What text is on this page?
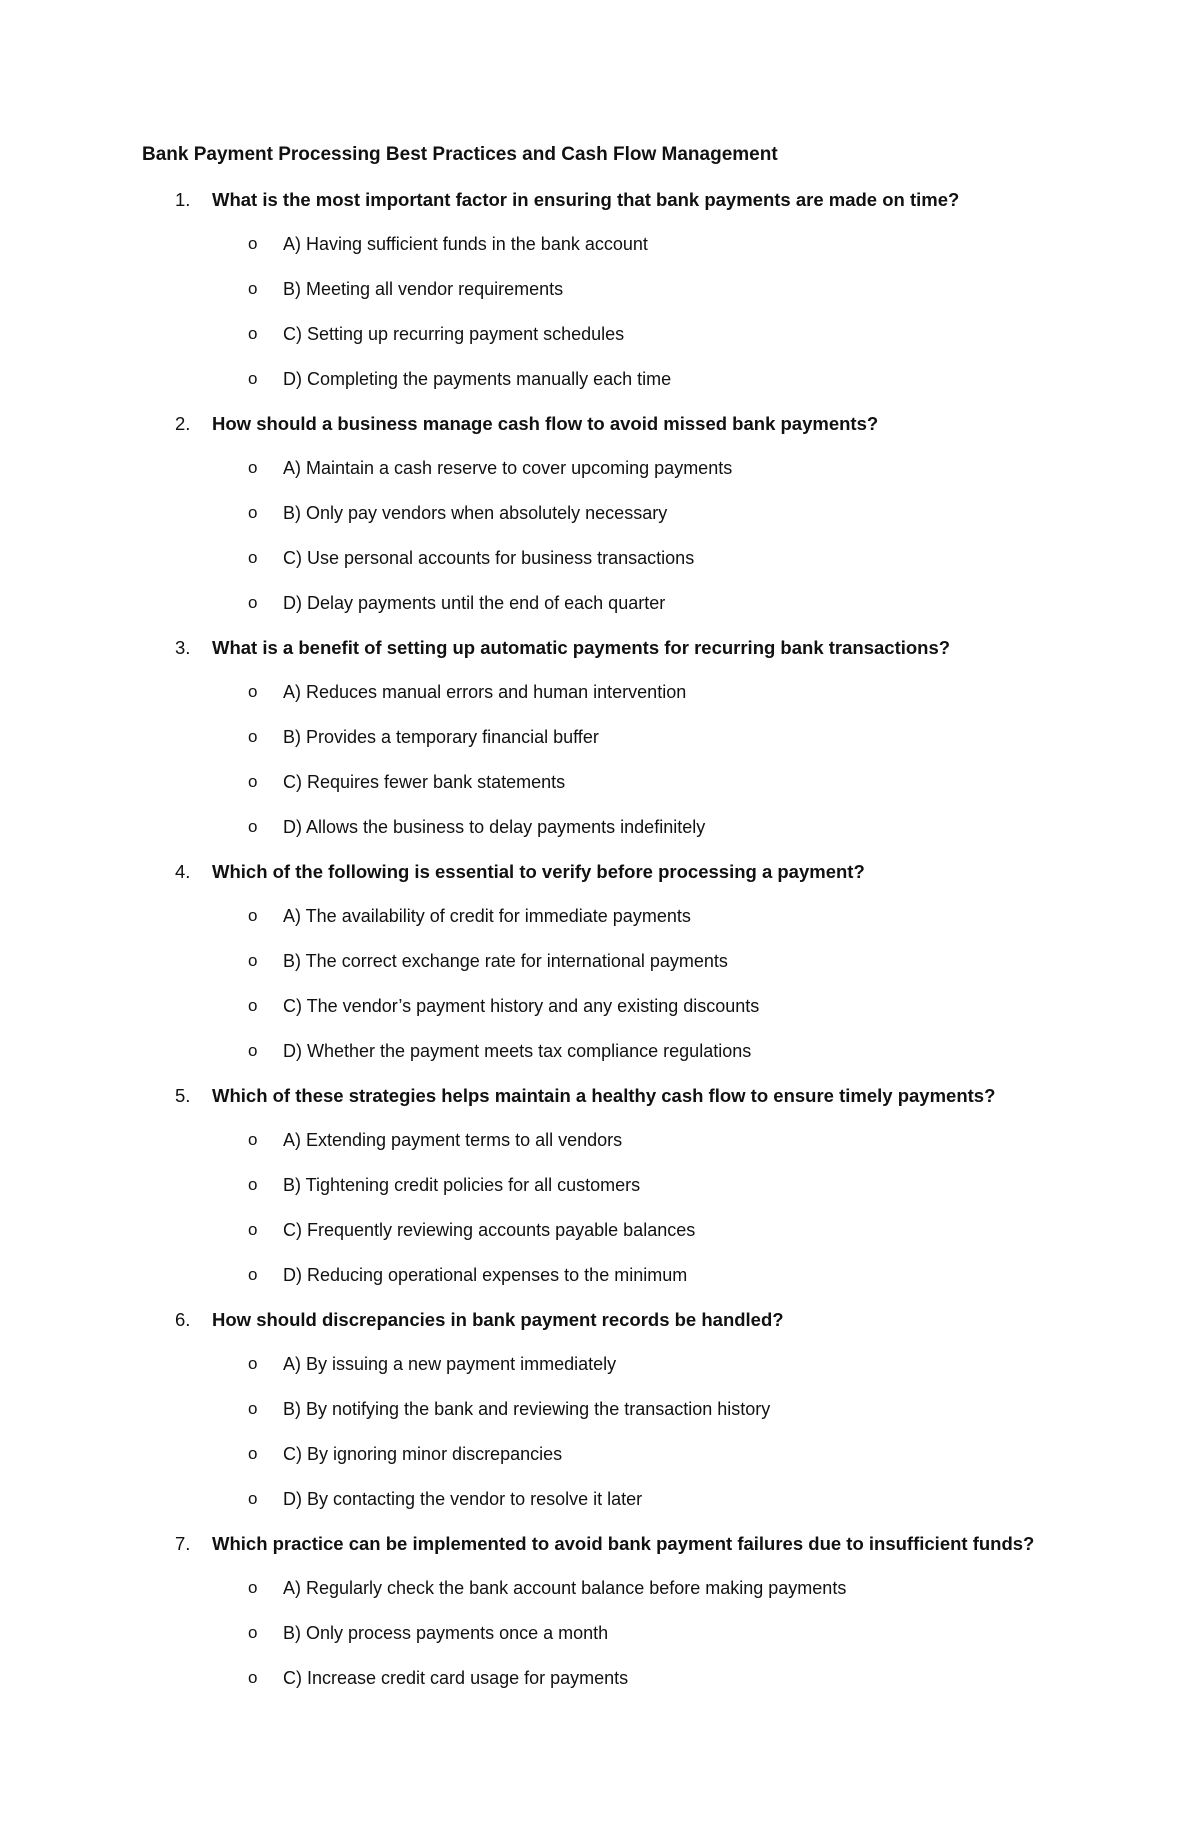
Bank Payment Processing Best Practices and Cash Flow Management
1. What is the most important factor in ensuring that bank payments are made on time?
o A) Having sufficient funds in the bank account
o B) Meeting all vendor requirements
o C) Setting up recurring payment schedules
o D) Completing the payments manually each time
2. How should a business manage cash flow to avoid missed bank payments?
o A) Maintain a cash reserve to cover upcoming payments
o B) Only pay vendors when absolutely necessary
o C) Use personal accounts for business transactions
o D) Delay payments until the end of each quarter
3. What is a benefit of setting up automatic payments for recurring bank transactions?
o A) Reduces manual errors and human intervention
o B) Provides a temporary financial buffer
o C) Requires fewer bank statements
o D) Allows the business to delay payments indefinitely
4. Which of the following is essential to verify before processing a payment?
o A) The availability of credit for immediate payments
o B) The correct exchange rate for international payments
o C) The vendor’s payment history and any existing discounts
o D) Whether the payment meets tax compliance regulations
5. Which of these strategies helps maintain a healthy cash flow to ensure timely payments?
o A) Extending payment terms to all vendors
o B) Tightening credit policies for all customers
o C) Frequently reviewing accounts payable balances
o D) Reducing operational expenses to the minimum
6. How should discrepancies in bank payment records be handled?
o A) By issuing a new payment immediately
o B) By notifying the bank and reviewing the transaction history
o C) By ignoring minor discrepancies
o D) By contacting the vendor to resolve it later
7. Which practice can be implemented to avoid bank payment failures due to insufficient funds?
o A) Regularly check the bank account balance before making payments
o B) Only process payments once a month
o C) Increase credit card usage for payments
